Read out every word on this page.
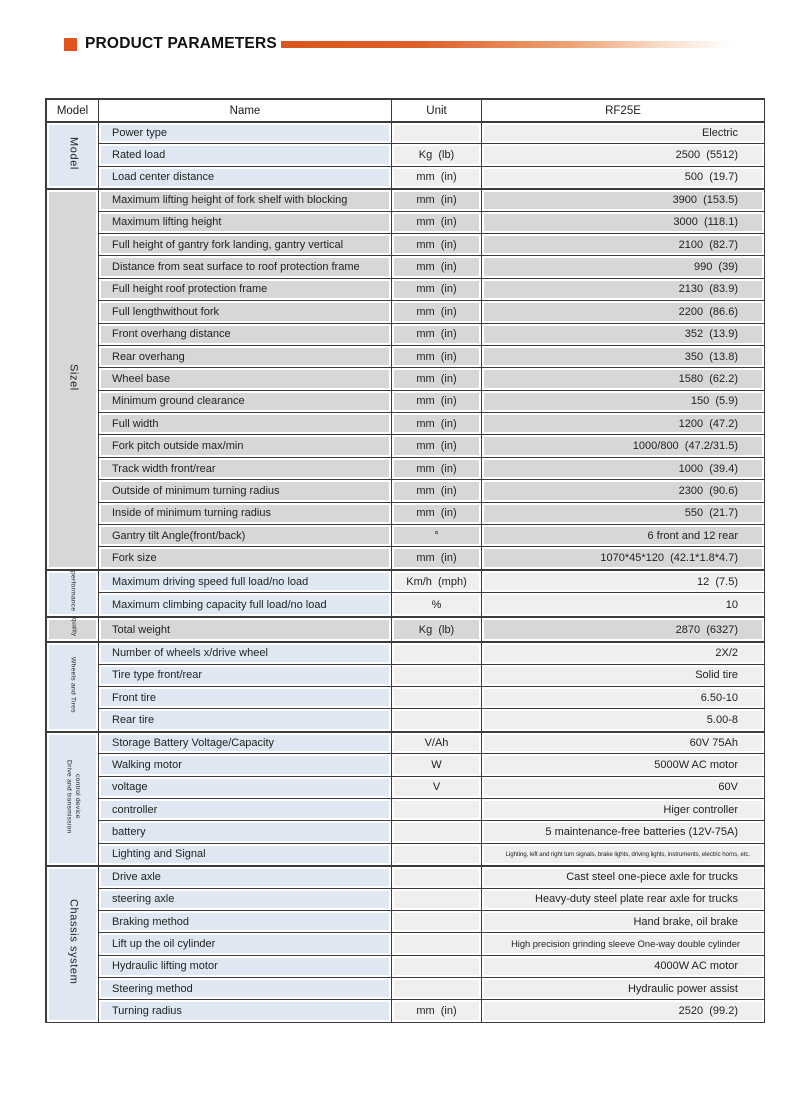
PRODUCT PARAMETERS
Model	Name	Unit	RF25E

Model	Power type		Electric
	Rated load	Kg  (lb)	2500  (5512)
	Load center distance	mm  (in)	500  (19.7)

Sizel	Maximum lifting height of fork shelf with blocking	mm  (in)	3900  (153.5)
	Maximum lifting height	mm  (in)	3000  (118.1)
	Full height of gantry fork landing, gantry vertical	mm  (in)	2100  (82.7)
	Distance from seat surface to roof protection frame	mm  (in)	990  (39)
	Full height roof protection frame	mm  (in)	2130  (83.9)
	Full lengthwithout fork	mm  (in)	2200  (86.6)
	Front overhang distance	mm  (in)	352  (13.9)
	Rear overhang	mm  (in)	350  (13.8)
	Wheel base	mm  (in)	1580  (62.2)
	Minimum ground clearance	mm  (in)	150  (5.9)
	Full width	mm  (in)	1200  (47.2)
	Fork pitch outside max/min	mm  (in)	1000/800  (47.2/31.5)
	Track width front/rear	mm  (in)	1000  (39.4)
	Outside of minimum turning radius	mm  (in)	2300  (90.6)
	Inside of minimum turning radius	mm  (in)	550  (21.7)
	Gantry tilt Angle(front/back)	°	6 front and 12 rear
	Fork size	mm  (in)	1070*45*120  (42.1*1.8*4.7)

performance	Maximum driving speed full load/no load	Km/h  (mph)	12  (7.5)
	Maximum climbing capacity full load/no load	%	10

quality	Total weight	Kg  (lb)	2870  (6327)

Wheels and Tires	Number of wheels x/drive wheel		2X/2
	Tire type front/rear		Solid tire
	Front tire		6.50-10
	Rear tire		5.00-8

Drive and transmission control device	Storage Battery Voltage/Capacity	V/Ah	60V 75Ah
	Walking motor	W	5000W AC motor
	voltage	V	60V
	controller		Higer controller
	battery		5 maintenance-free batteries (12V-75A)
	Lighting and Signal		Lighting, left and right turn signals, brake lights, driving lights, instruments, electric horns, etc.

Chassis system	Drive axle		Cast steel one-piece axle for trucks
	steering axle		Heavy-duty steel plate rear axle for trucks
	Braking method		Hand brake, oil brake
	Lift up the oil cylinder		High precision grinding sleeve One-way double cylinder
	Hydraulic lifting motor		4000W AC motor
	Steering method		Hydraulic power assist
	Turning radius	mm  (in)	2520  (99.2)
